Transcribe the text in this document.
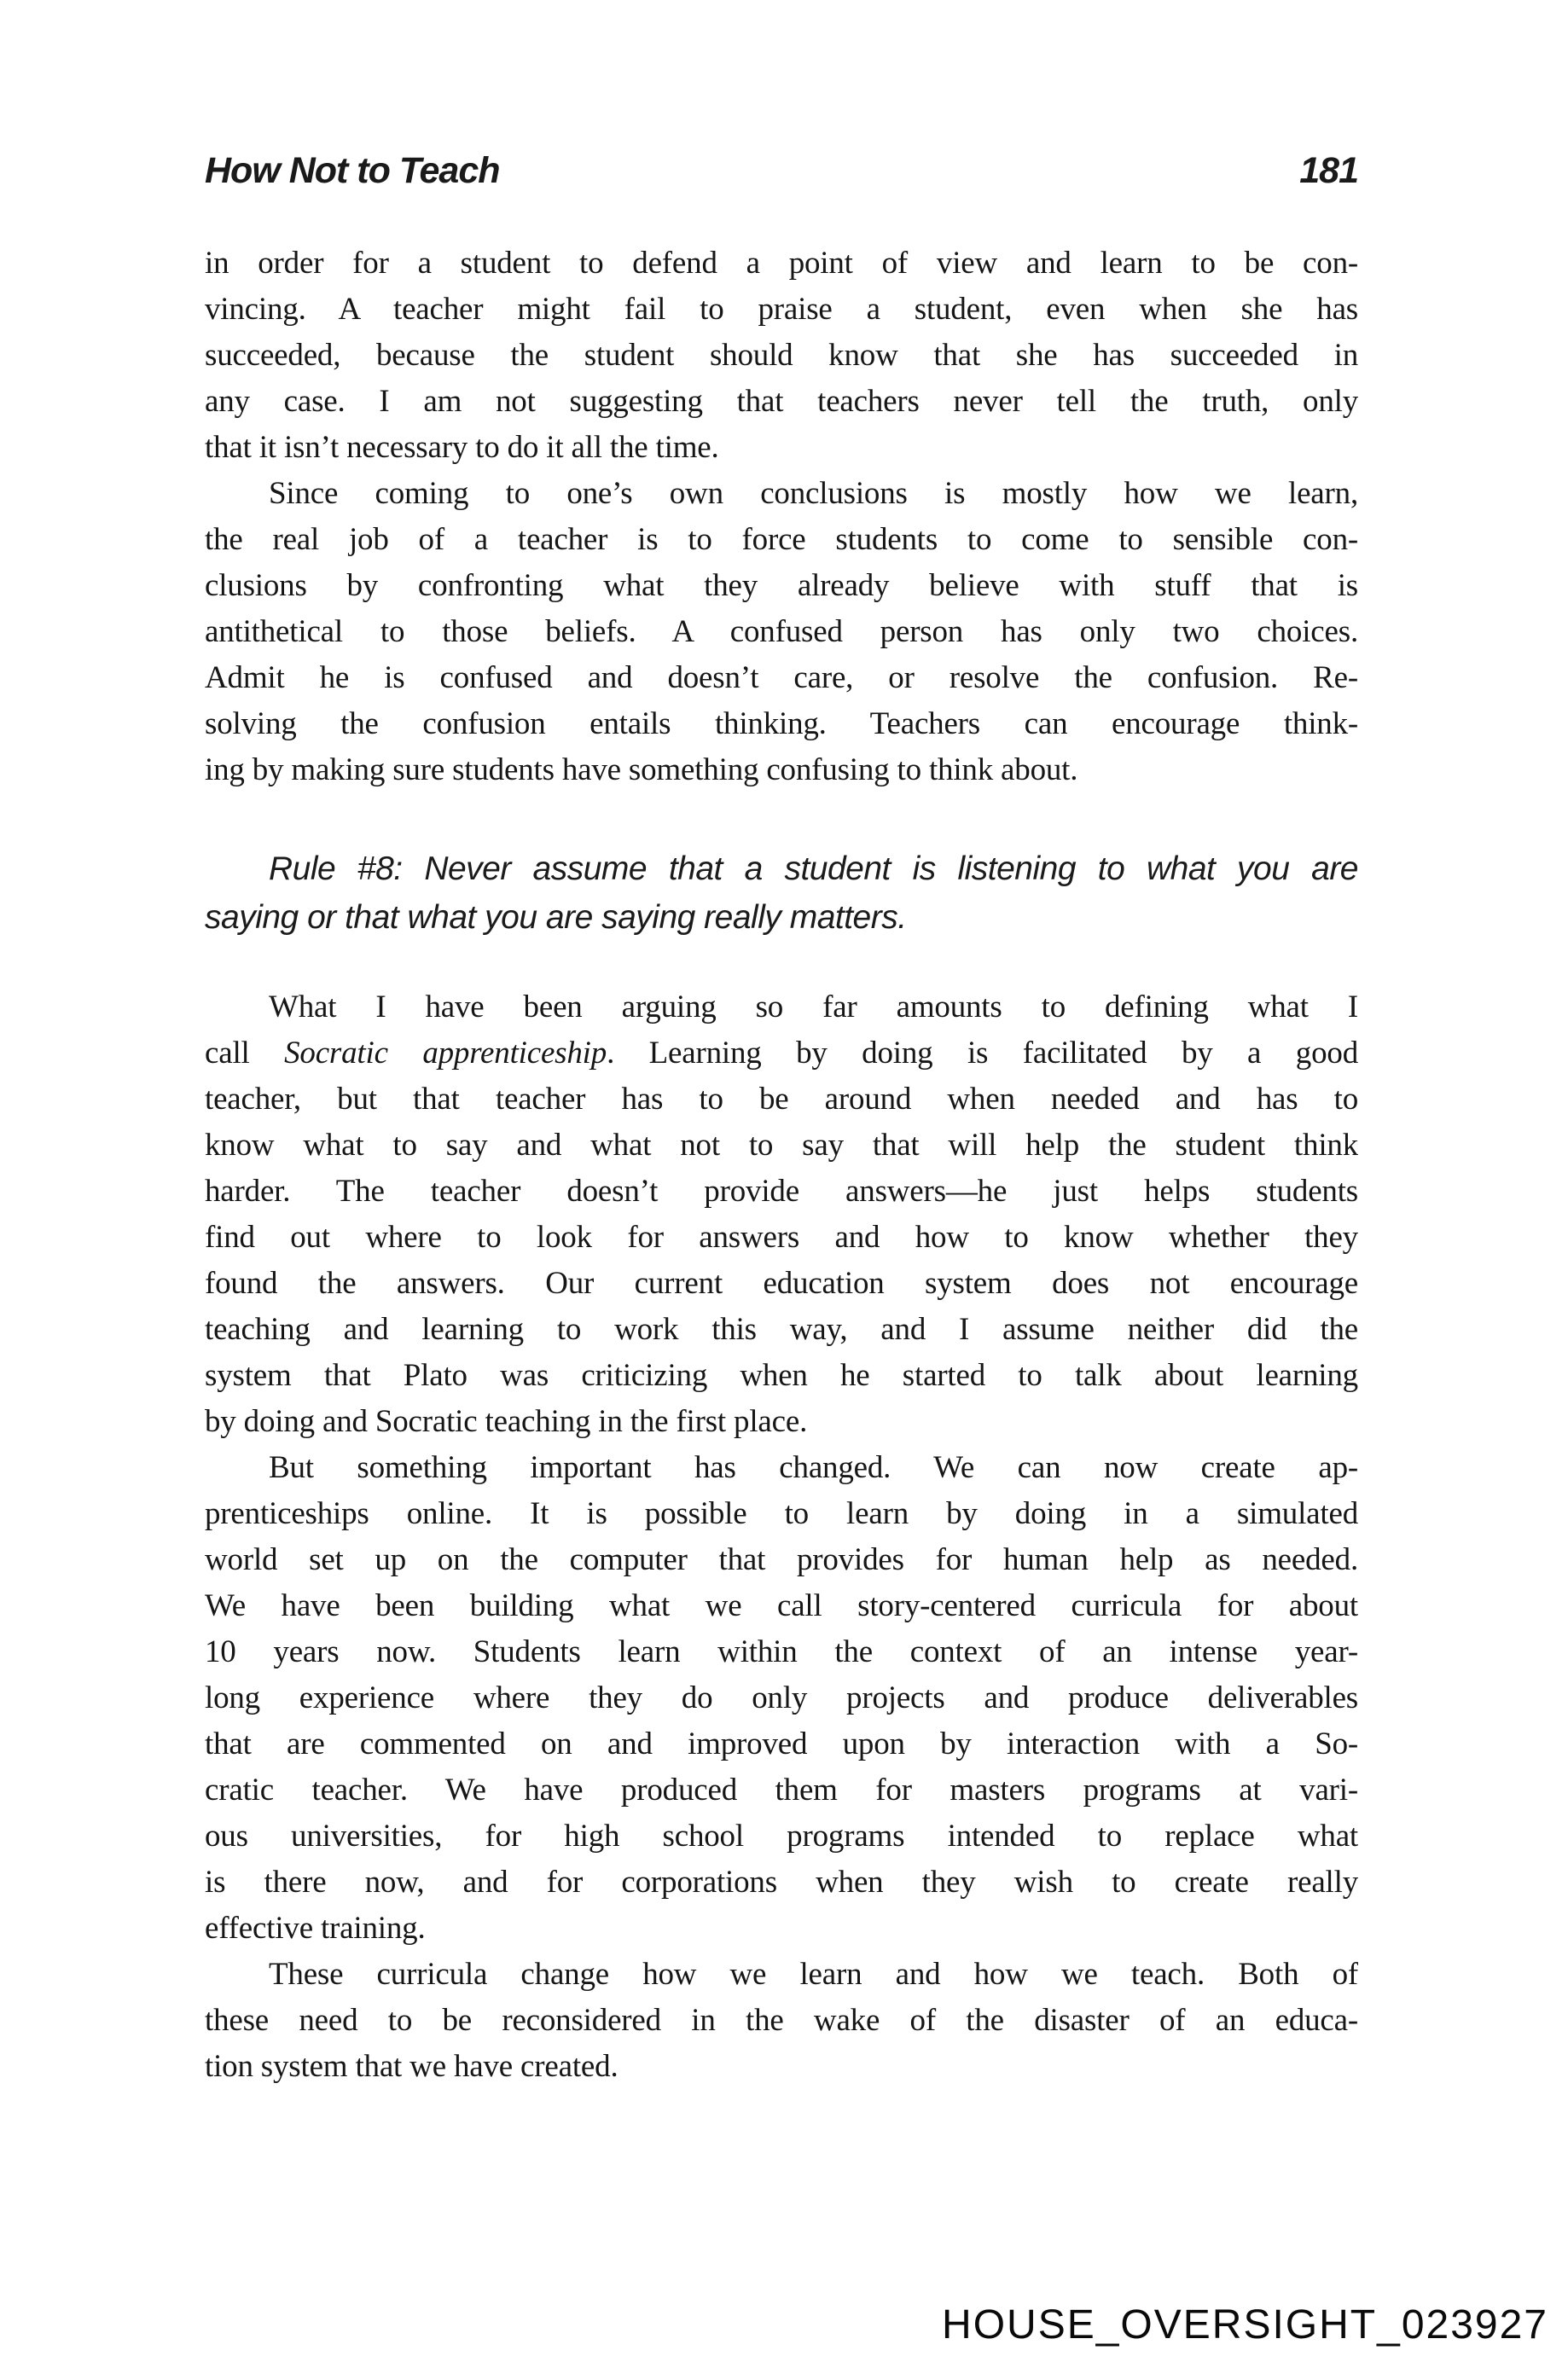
How Not to Teach	181
in order for a student to defend a point of view and learn to be con-
vincing. A teacher might fail to praise a student, even when she has
succeeded, because the student should know that she has succeeded in
any case. I am not suggesting that teachers never tell the truth, only
that it isn’t necessary to do it all the time.
Since coming to one’s own conclusions is mostly how we learn,
the real job of a teacher is to force students to come to sensible con-
clusions by confronting what they already believe with stuff that is
antithetical to those beliefs. A confused person has only two choices.
Admit he is confused and doesn’t care, or resolve the confusion. Re-
solving the confusion entails thinking. Teachers can encourage think-
ing by making sure students have something confusing to think about.
Rule #8: Never assume that a student is listening to what you are
saying or that what you are saying really matters.
What I have been arguing so far amounts to defining what I
call Socratic apprenticeship. Learning by doing is facilitated by a good
teacher, but that teacher has to be around when needed and has to
know what to say and what not to say that will help the student think
harder. The teacher doesn’t provide answers—he just helps students
find out where to look for answers and how to know whether they
found the answers. Our current education system does not encourage
teaching and learning to work this way, and I assume neither did the
system that Plato was criticizing when he started to talk about learning
by doing and Socratic teaching in the first place.
But something important has changed. We can now create ap-
prenticeships online. It is possible to learn by doing in a simulated
world set up on the computer that provides for human help as needed.
We have been building what we call story-centered curricula for about
10 years now. Students learn within the context of an intense year-
long experience where they do only projects and produce deliverables
that are commented on and improved upon by interaction with a So-
cratic teacher. We have produced them for masters programs at vari-
ous universities, for high school programs intended to replace what
is there now, and for corporations when they wish to create really
effective training.
These curricula change how we learn and how we teach. Both of
these need to be reconsidered in the wake of the disaster of an educa-
tion system that we have created.
HOUSE_OVERSIGHT_023927
